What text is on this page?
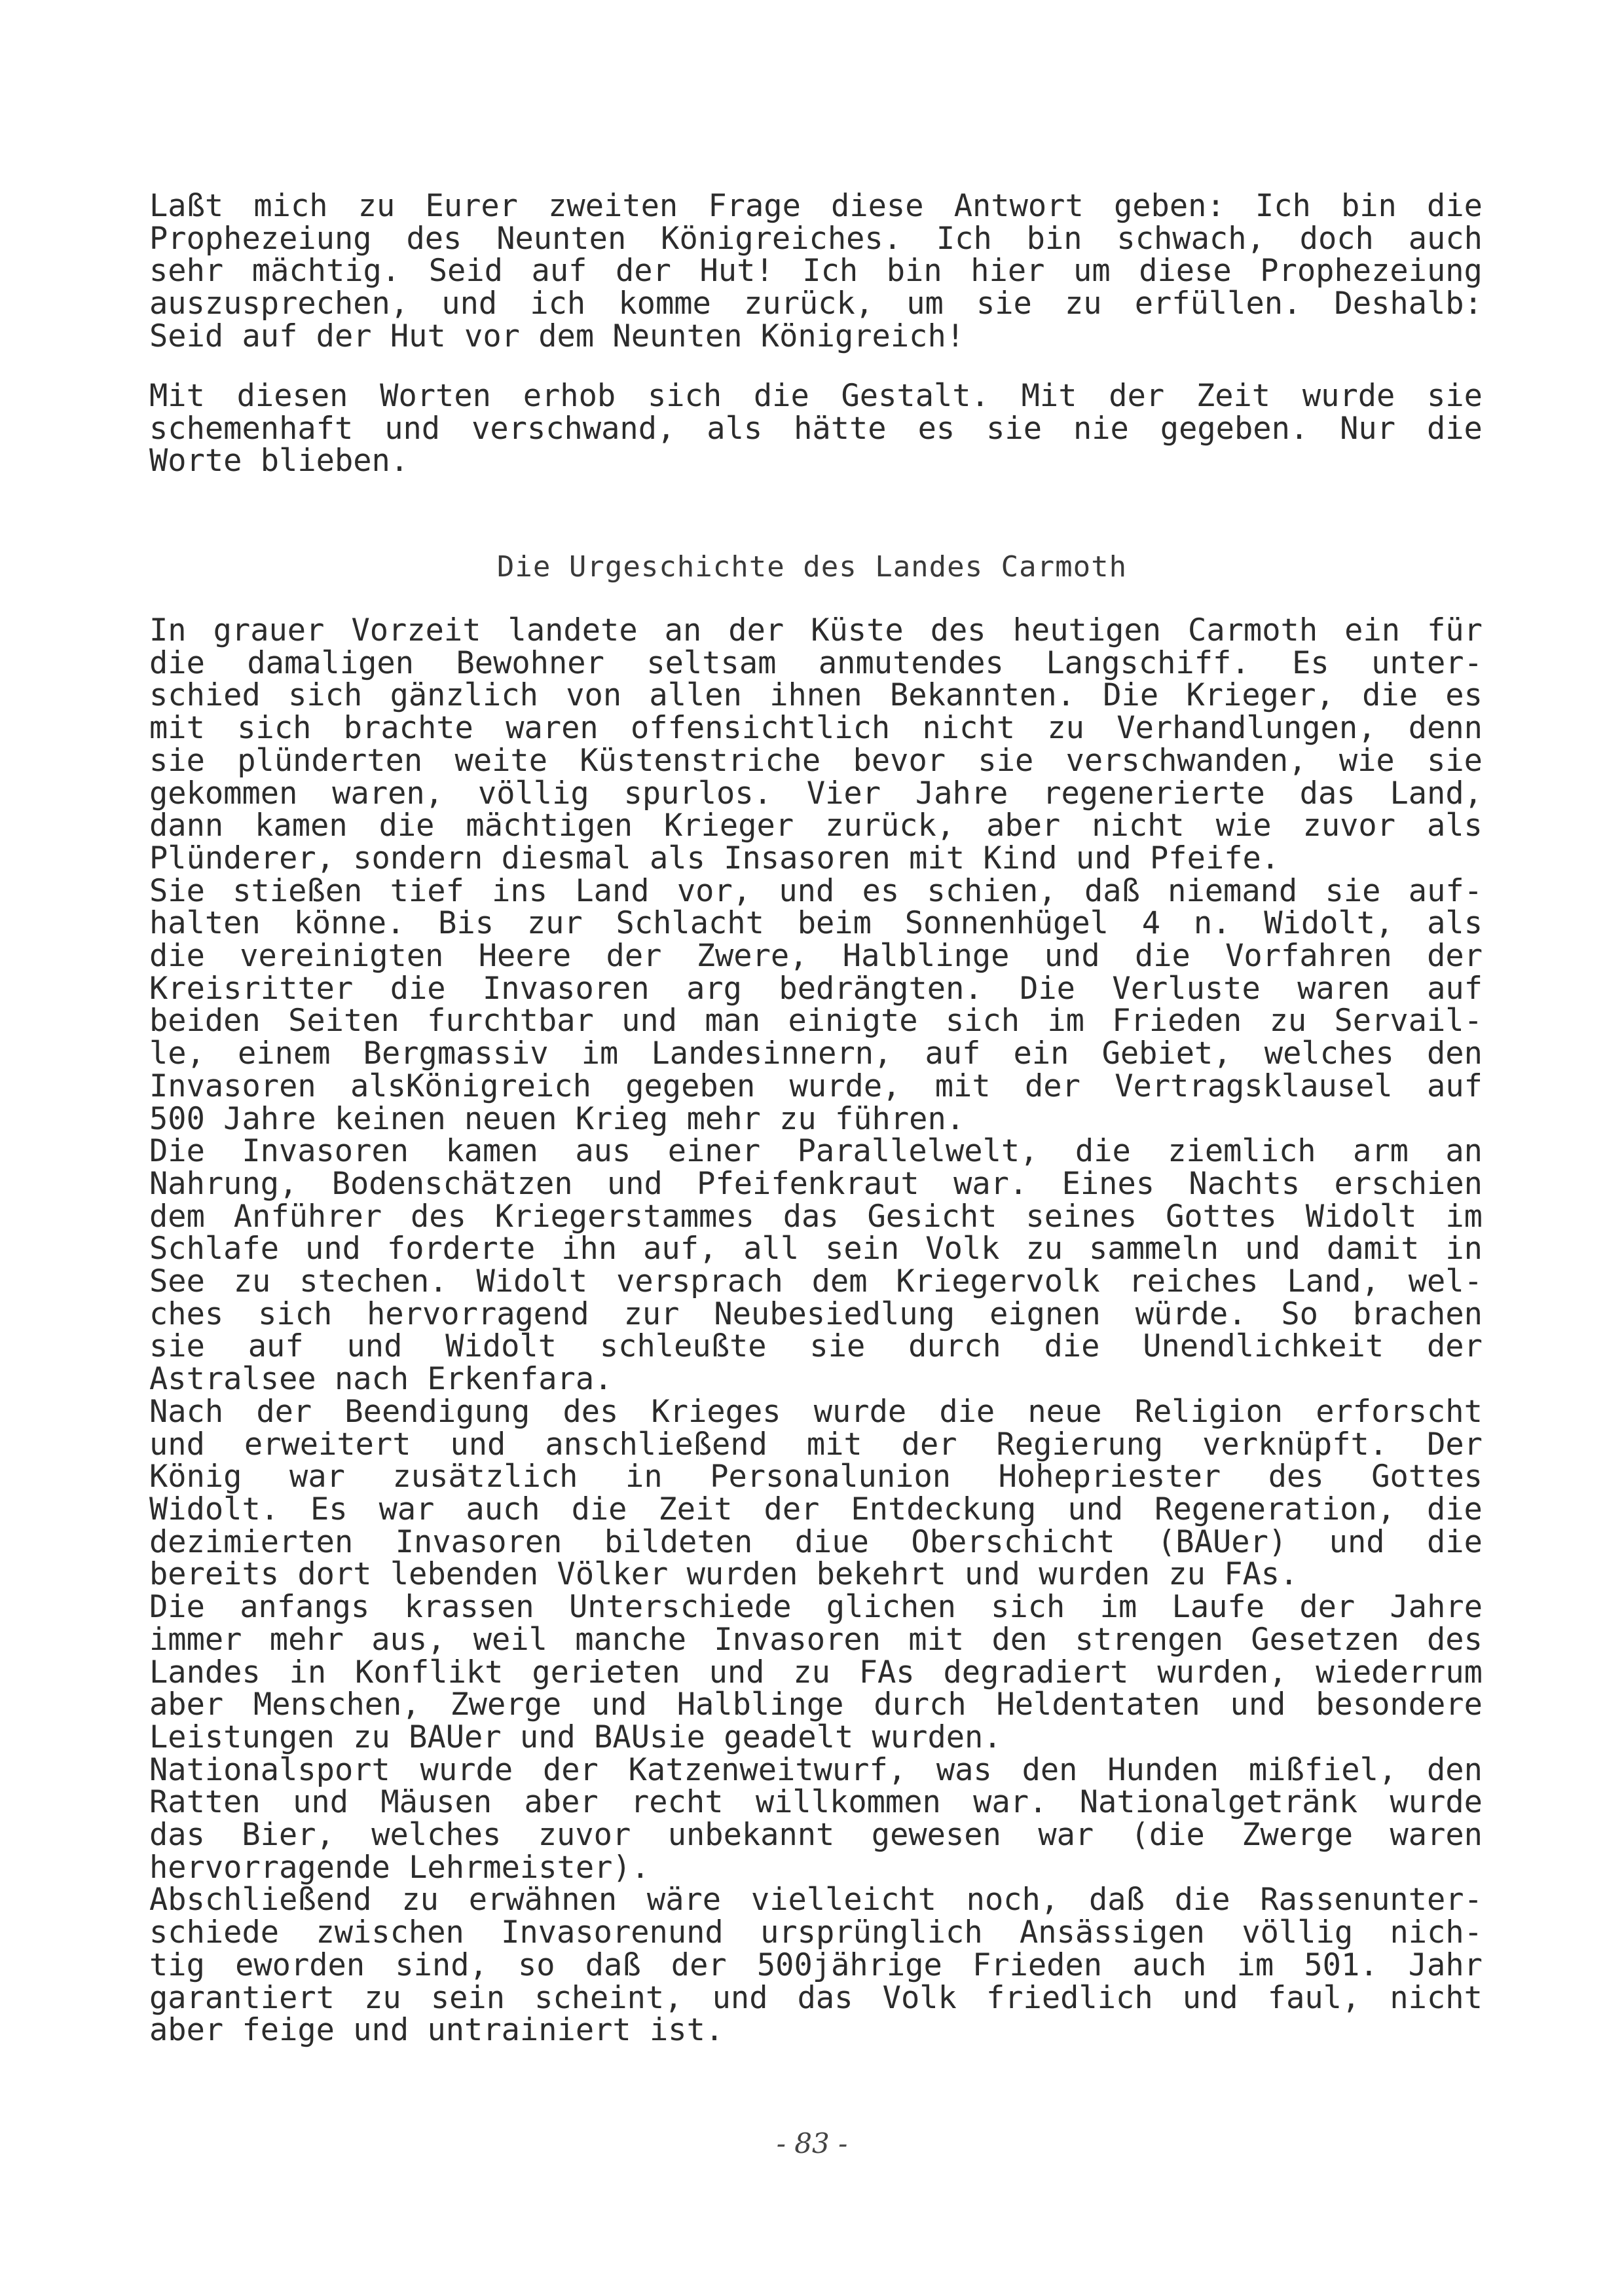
Laßt mich zu Eurer zweiten Frage diese Antwort geben: Ich bin die
Prophezeiung des Neunten Königreiches. Ich bin schwach, doch auch
sehr mächtig. Seid auf der Hut! Ich bin hier um diese Prophezeiung
auszusprechen, und ich komme zurück, um sie zu erfüllen. Deshalb:
Seid auf der Hut vor dem Neunten Königreich!
Mit diesen Worten erhob sich die Gestalt. Mit der Zeit wurde sie
schemenhaft und verschwand, als hätte es sie nie gegeben. Nur die
Worte blieben.
Die Urgeschichte des Landes Carmoth
In grauer Vorzeit landete an der Küste des heutigen Carmoth ein für
die damaligen Bewohner seltsam anmutendes Langschiff. Es unter-
schied sich gänzlich von allen ihnen Bekannten. Die Krieger, die es
mit sich brachte waren offensichtlich nicht zu Verhandlungen, denn
sie plünderten weite Küstenstriche bevor sie verschwanden, wie sie
gekommen waren, völlig spurlos. Vier Jahre regenerierte das Land,
dann kamen die mächtigen Krieger zurück, aber nicht wie zuvor als
Plünderer, sondern diesmal als Insasoren mit Kind und Pfeife.
Sie stießen tief ins Land vor, und es schien, daß niemand sie auf-
halten könne. Bis zur Schlacht beim Sonnenhügel 4 n. Widolt, als
die vereinigten Heere der Zwere, Halblinge und die Vorfahren der
Kreisritter die Invasoren arg bedrängten. Die Verluste waren auf
beiden Seiten furchtbar und man einigte sich im Frieden zu Servail-
le, einem Bergmassiv im Landesinnern, auf ein Gebiet, welches den
Invasoren alsKönigreich gegeben wurde, mit der Vertragsklausel auf
500 Jahre keinen neuen Krieg mehr zu führen.
Die Invasoren kamen aus einer Parallelwelt, die ziemlich arm an
Nahrung, Bodenschätzen und Pfeifenkraut war. Eines Nachts erschien
dem Anführer des Kriegerstammes das Gesicht seines Gottes Widolt im
Schlafe und forderte ihn auf, all sein Volk zu sammeln und damit in
See zu stechen. Widolt versprach dem Kriegervolk reiches Land, wel-
ches sich hervorragend zur Neubesiedlung eignen würde. So brachen
sie auf und Widolt schleußte sie durch die Unendlichkeit der
Astralsee nach Erkenfara.
Nach der Beendigung des Krieges wurde die neue Religion erforscht
und erweitert und anschließend mit der Regierung verknüpft. Der
König war zusätzlich in Personalunion Hohepriester des Gottes
Widolt. Es war auch die Zeit der Entdeckung und Regeneration, die
dezimierten Invasoren bildeten diue Oberschicht (BAUer) und die
bereits dort lebenden Völker wurden bekehrt und wurden zu FAs.
Die anfangs krassen Unterschiede glichen sich im Laufe der Jahre
immer mehr aus, weil manche Invasoren mit den strengen Gesetzen des
Landes in Konflikt gerieten und zu FAs degradiert wurden, wiederrum
aber Menschen, Zwerge und Halblinge durch Heldentaten und besondere
Leistungen zu BAUer und BAUsie geadelt wurden.
Nationalsport wurde der Katzenweitwurf, was den Hunden mißfiel, den
Ratten und Mäusen aber recht willkommen war. Nationalgetränk wurde
das Bier, welches zuvor unbekannt gewesen war (die Zwerge waren
hervorragende Lehrmeister).
Abschließend zu erwähnen wäre vielleicht noch, daß die Rassenunter-
schiede zwischen Invasorenund ursprünglich Ansässigen völlig nich-
tig eworden sind, so daß der 500jährige Frieden auch im 501. Jahr
garantiert zu sein scheint, und das Volk friedlich und faul, nicht
aber feige und untrainiert ist.
- 83 -
